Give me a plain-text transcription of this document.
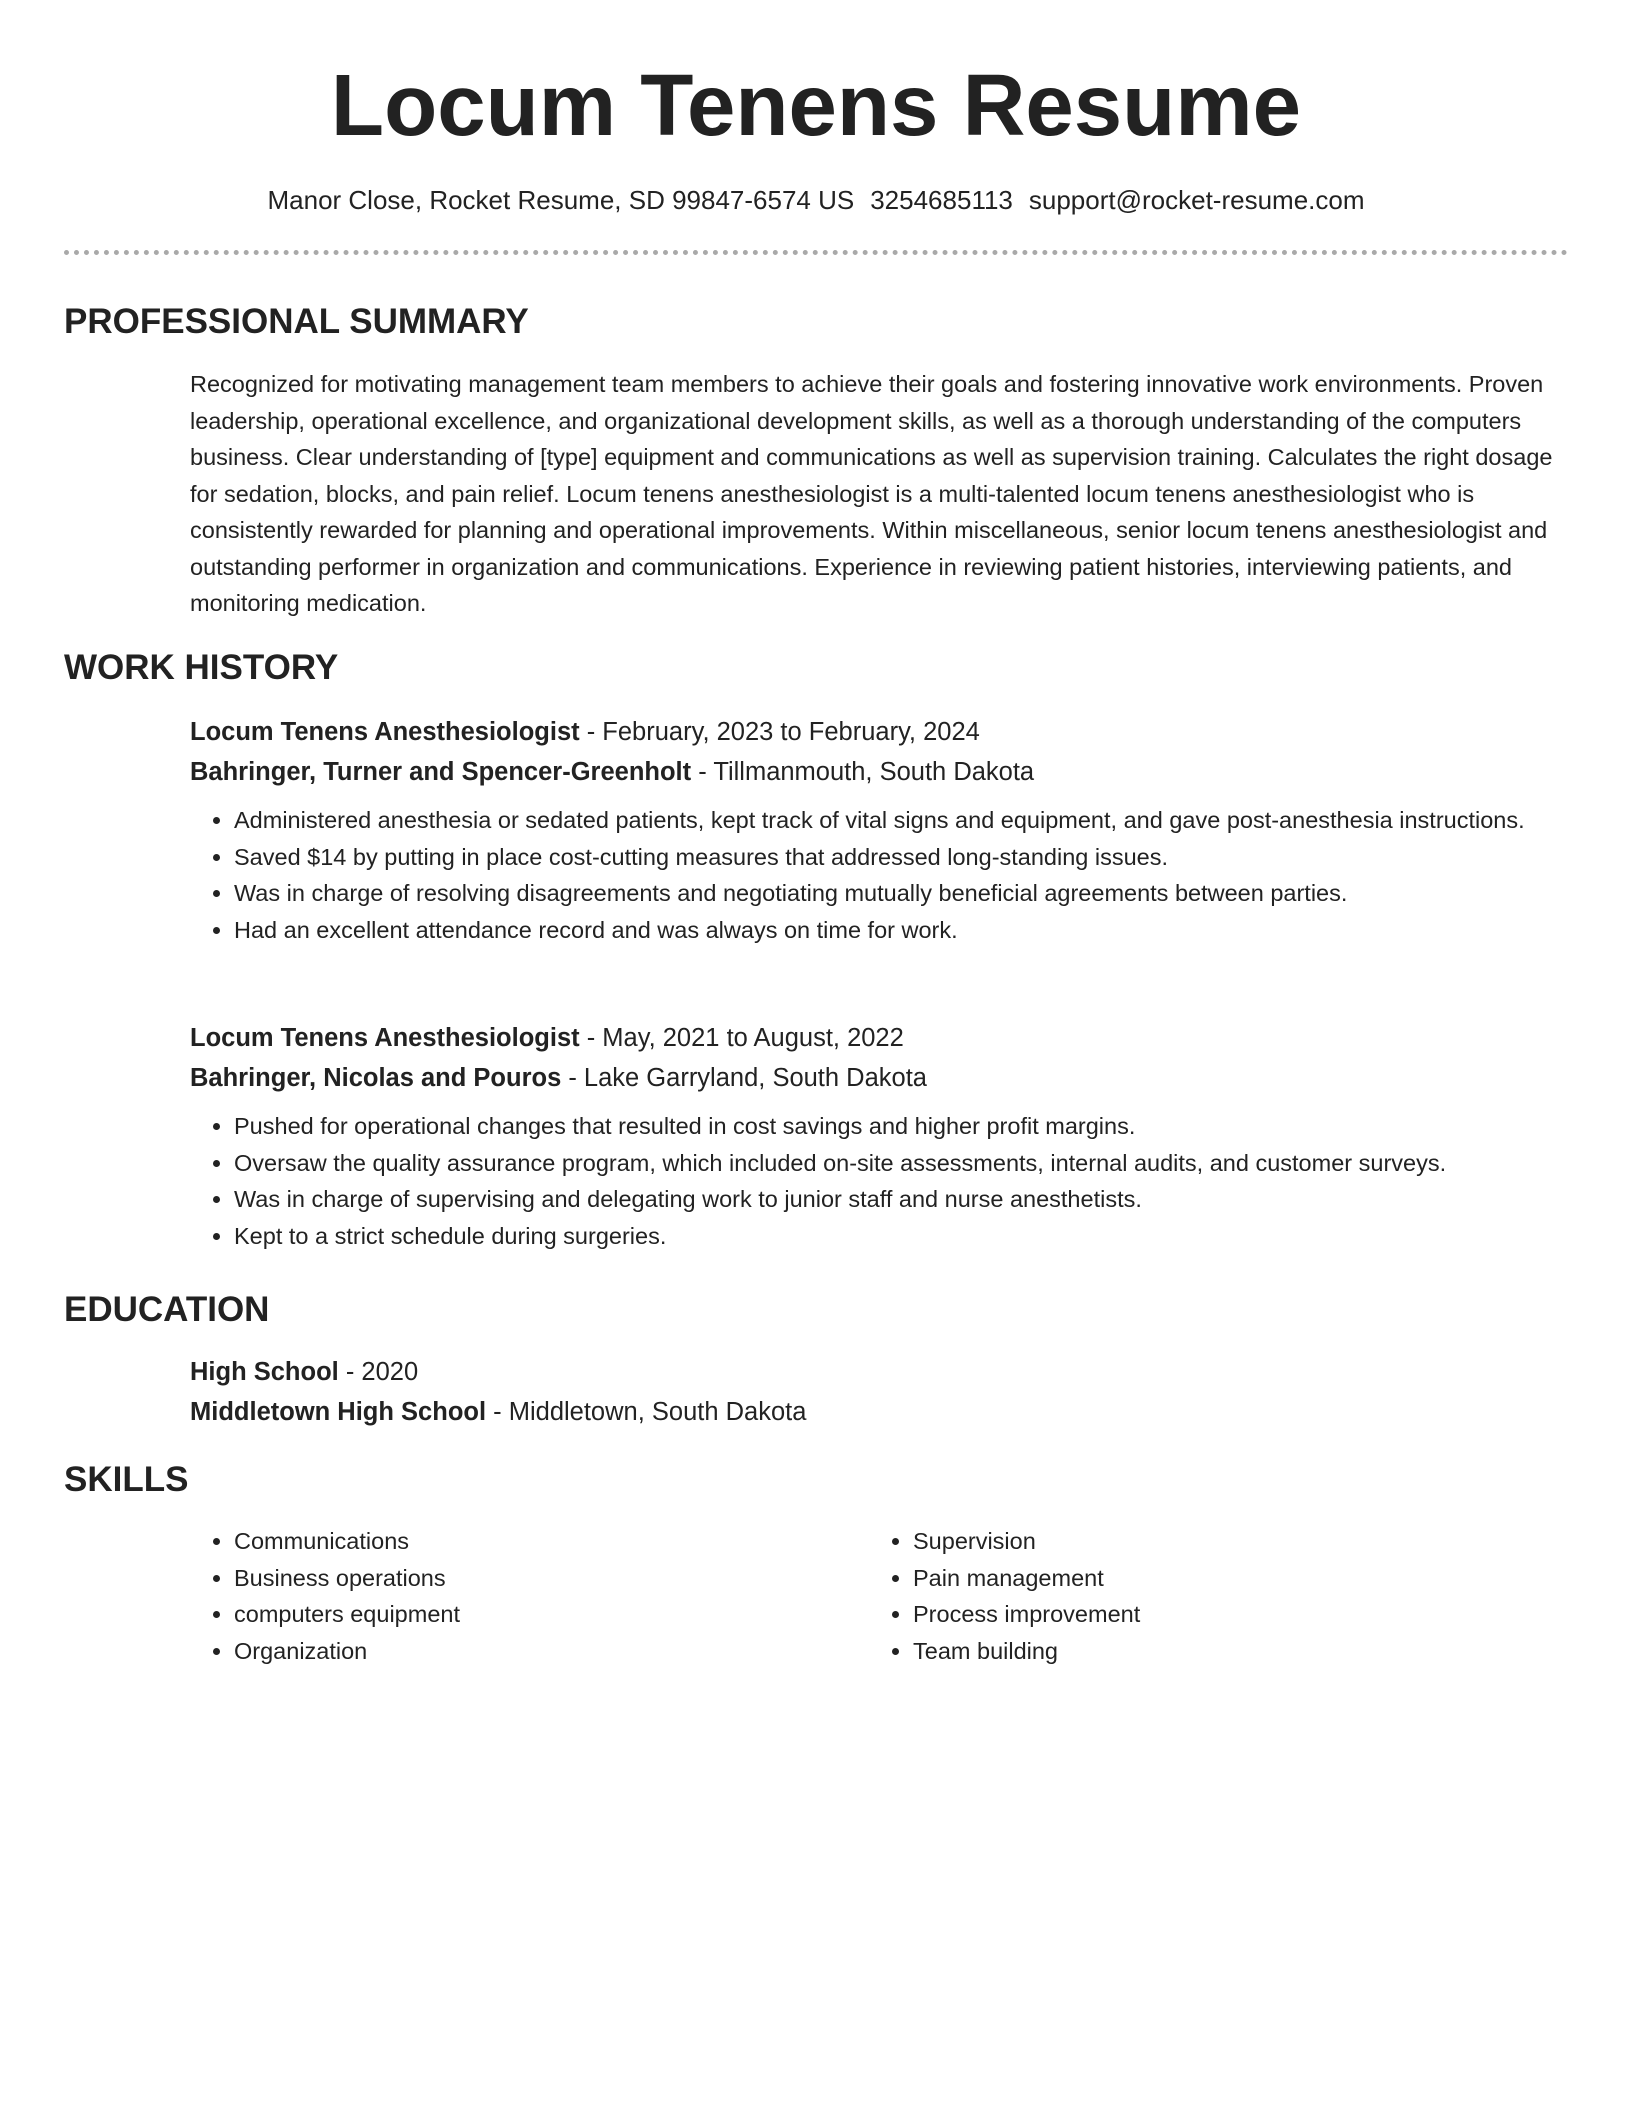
Locum Tenens Resume
Manor Close, Rocket Resume, SD 99847-6574 US 3254685113 support@rocket-resume.com
PROFESSIONAL SUMMARY

Recognized for motivating management team members to achieve their goals and fostering innovative work environments. Proven leadership, operational excellence, and organizational development skills, as well as a thorough understanding of the computers business. Clear understanding of [type] equipment and communications as well as supervision training. Calculates the right dosage for sedation, blocks, and pain relief. Locum tenens anesthesiologist is a multi-talented locum tenens anesthesiologist who is consistently rewarded for planning and operational improvements. Within miscellaneous, senior locum tenens anesthesiologist and outstanding performer in organization and communications. Experience in reviewing patient histories, interviewing patients, and monitoring medication.

WORK HISTORY
Locum Tenens Anesthesiologist - February, 2023 to February, 2024
Bahringer, Turner and Spencer-Greenholt - Tillmanmouth, South Dakota
• Administered anesthesia or sedated patients, kept track of vital signs and equipment, and gave post-anesthesia instructions.
• Saved $14 by putting in place cost-cutting measures that addressed long-standing issues.
• Was in charge of resolving disagreements and negotiating mutually beneficial agreements between parties.
• Had an excellent attendance record and was always on time for work.
Locum Tenens Anesthesiologist - May, 2021 to August, 2022
Bahringer, Nicolas and Pouros - Lake Garryland, South Dakota
• Pushed for operational changes that resulted in cost savings and higher profit margins.
• Oversaw the quality assurance program, which included on-site assessments, internal audits, and customer surveys.
• Was in charge of supervising and delegating work to junior staff and nurse anesthetists.
• Kept to a strict schedule during surgeries.
EDUCATION
High School - 2020
Middletown High School - Middletown, South Dakota
SKILLS
• Communications
• Business operations
• computers equipment
• Organization
• Supervision
• Pain management
• Process improvement
• Team building
